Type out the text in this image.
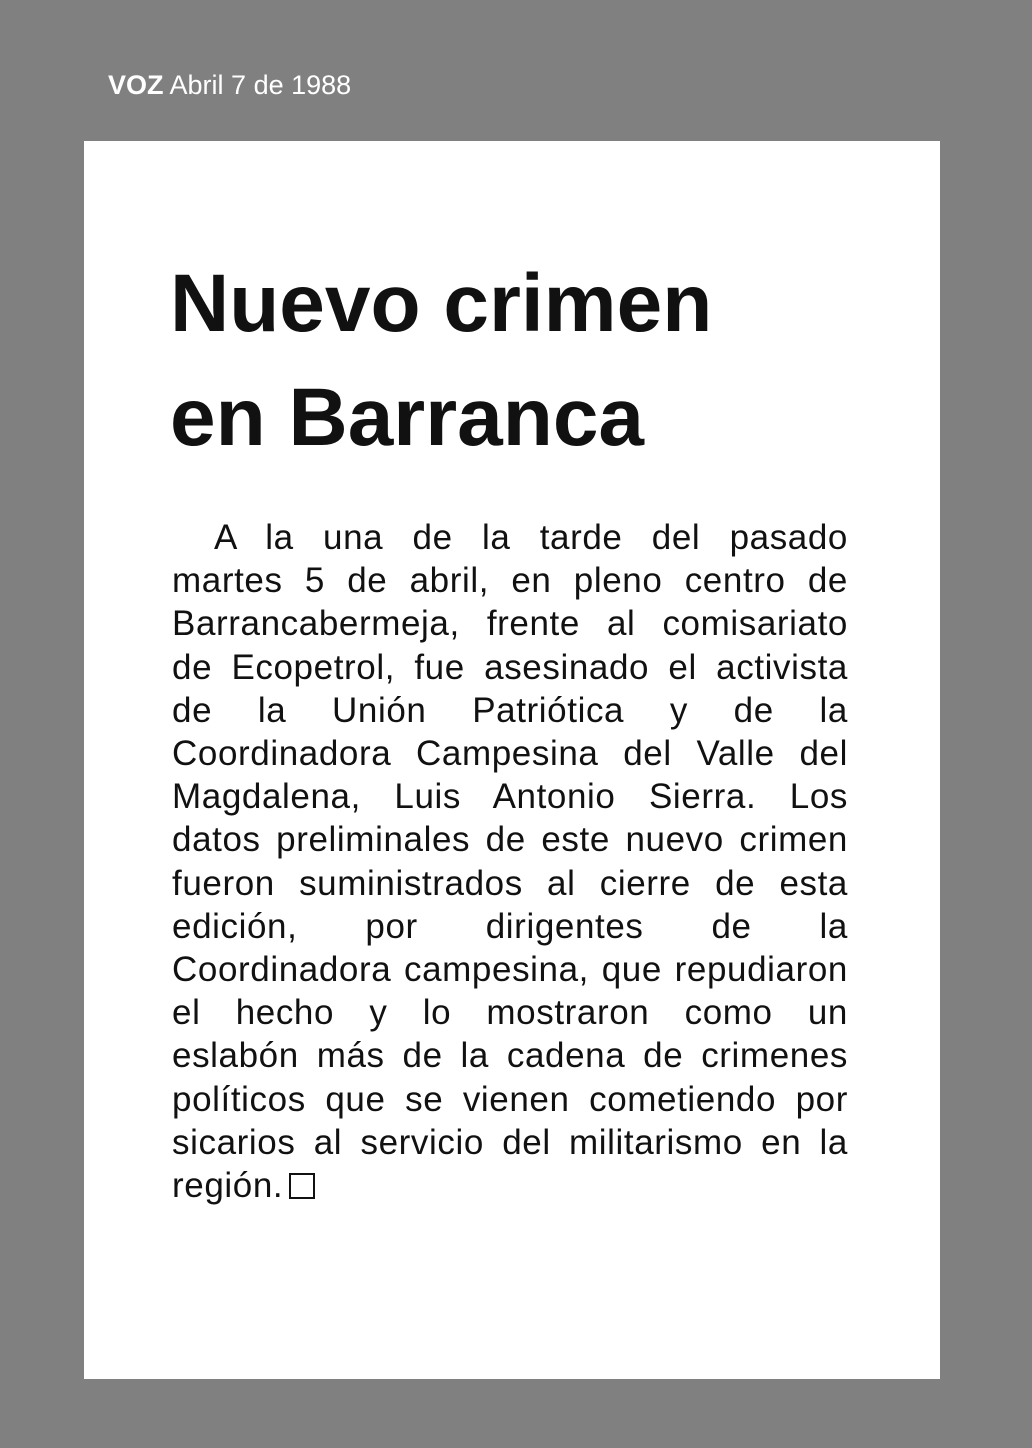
VOZ Abril 7 de 1988
Nuevo crimen
en Barranca
A la una de la tarde del pasado martes 5 de abril, en pleno centro de Barrancabermeja, frente al comisariato de Ecopetrol, fue asesinado el activista de la Unión Patriótica y de la Coordinadora Campesina del Valle del Magdalena, Luis Antonio Sierra. Los datos preliminales de este nuevo crimen fueron suministrados al cierre de esta edición, por dirigentes de la Coordinadora campesina, que repudiaron el hecho y lo mostraron como un eslabón más de la cadena de crimenes políticos que se vienen cometiendo por sicarios al servicio del militarismo en la región.
